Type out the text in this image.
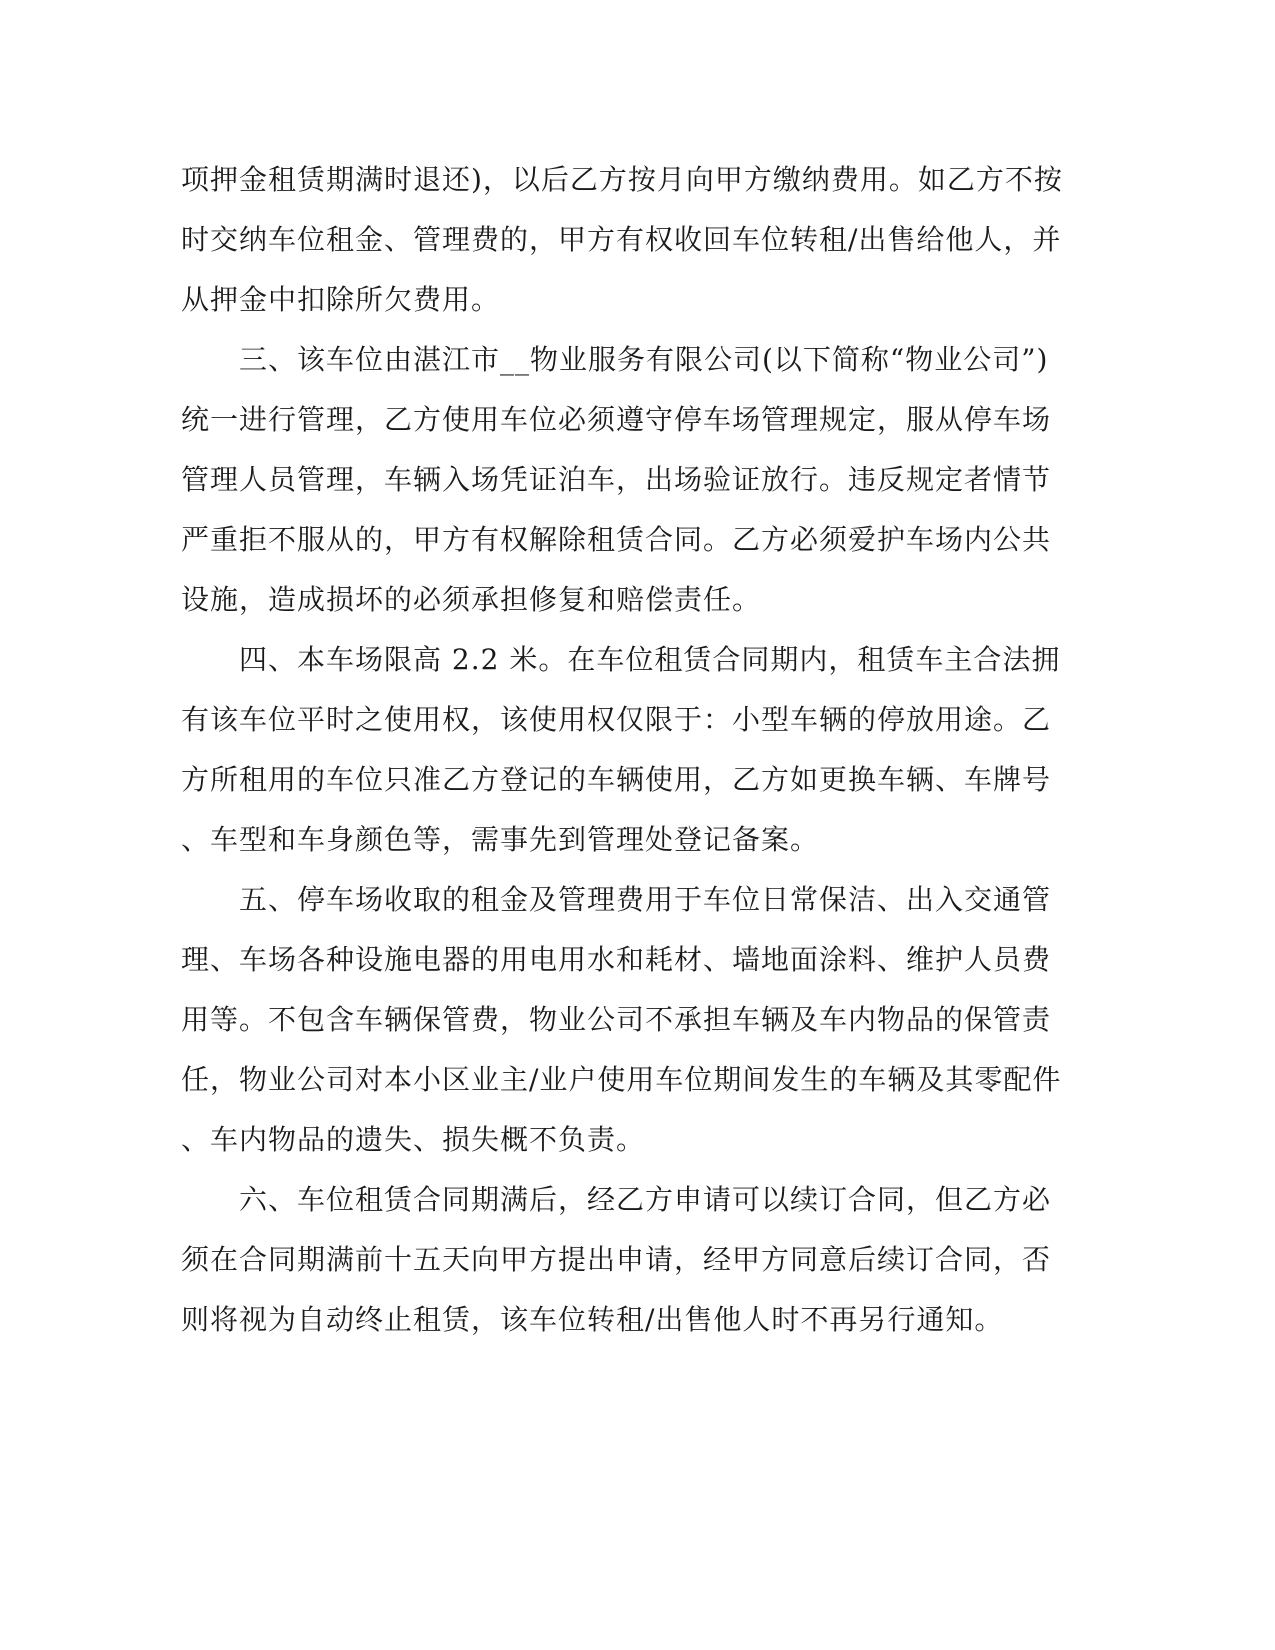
项押金租赁期满时退还)，以后乙方按月向甲方缴纳费用。如乙方不按
时交纳车位租金、管理费的，甲方有权收回车位转租/出售给他人，并
从押金中扣除所欠费用。
　　三、该车位由湛江市__物业服务有限公司(以下简称“物业公司”)
统一进行管理，乙方使用车位必须遵守停车场管理规定，服从停车场
管理人员管理，车辆入场凭证泊车，出场验证放行。违反规定者情节
严重拒不服从的，甲方有权解除租赁合同。乙方必须爱护车场内公共
设施，造成损坏的必须承担修复和赔偿责任。
　　四、本车场限高 2.2 米。在车位租赁合同期内，租赁车主合法拥
有该车位平时之使用权，该使用权仅限于：小型车辆的停放用途。乙
方所租用的车位只准乙方登记的车辆使用，乙方如更换车辆、车牌号
、车型和车身颜色等，需事先到管理处登记备案。
　　五、停车场收取的租金及管理费用于车位日常保洁、出入交通管
理、车场各种设施电器的用电用水和耗材、墙地面涂料、维护人员费
用等。不包含车辆保管费，物业公司不承担车辆及车内物品的保管责
任，物业公司对本小区业主/业户使用车位期间发生的车辆及其零配件
、车内物品的遗失、损失概不负责。
　　六、车位租赁合同期满后，经乙方申请可以续订合同，但乙方必
须在合同期满前十五天向甲方提出申请，经甲方同意后续订合同，否
则将视为自动终止租赁，该车位转租/出售他人时不再另行通知。
